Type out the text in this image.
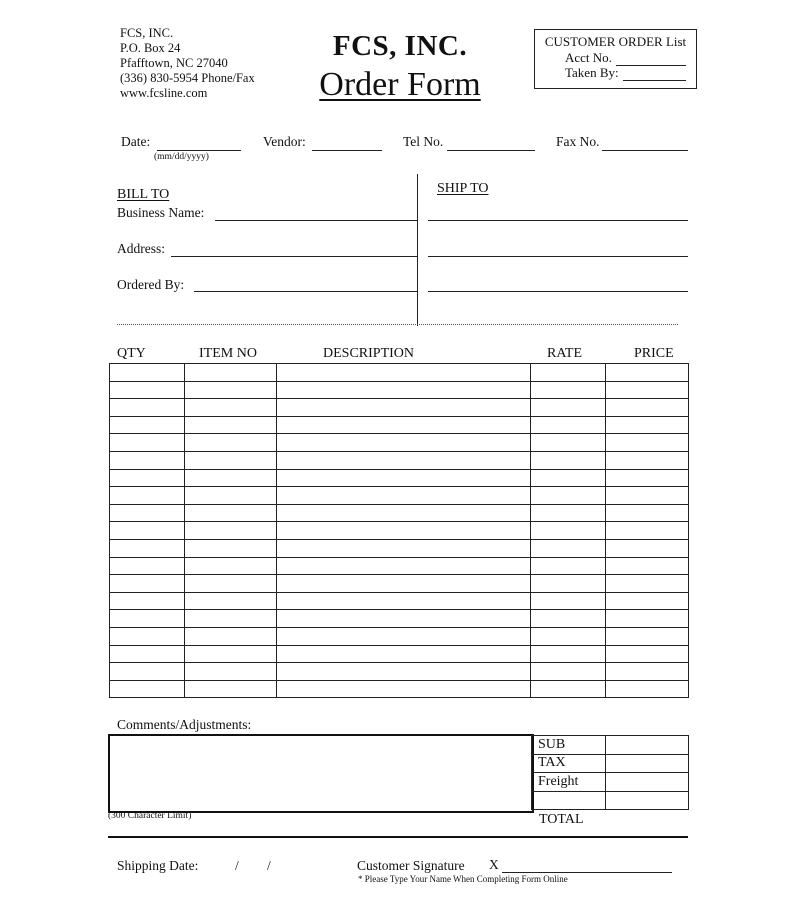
FCS, INC.
P.O. Box 24
Pfafftown, NC 27040
(336) 830-5954 Phone/Fax
www.fcsline.com
FCS, INC.
Order Form
CUSTOMER ORDER List
Acct No.
Taken By:
Date:
(mm/dd/yyyy)
Vendor:	Tel No.	Fax No.
BILL TO
Business Name:
Address:
Ordered By:
SHIP TO
QTY	ITEM NO	DESCRIPTION	RATE	PRICE

Comments/Adjustments:
(300 Character Limit)
SUB	
TAX	
Freight	

TOTAL
Shipping Date:	/ /	Customer Signature X
* Please Type Your Name When Completing Form Online
